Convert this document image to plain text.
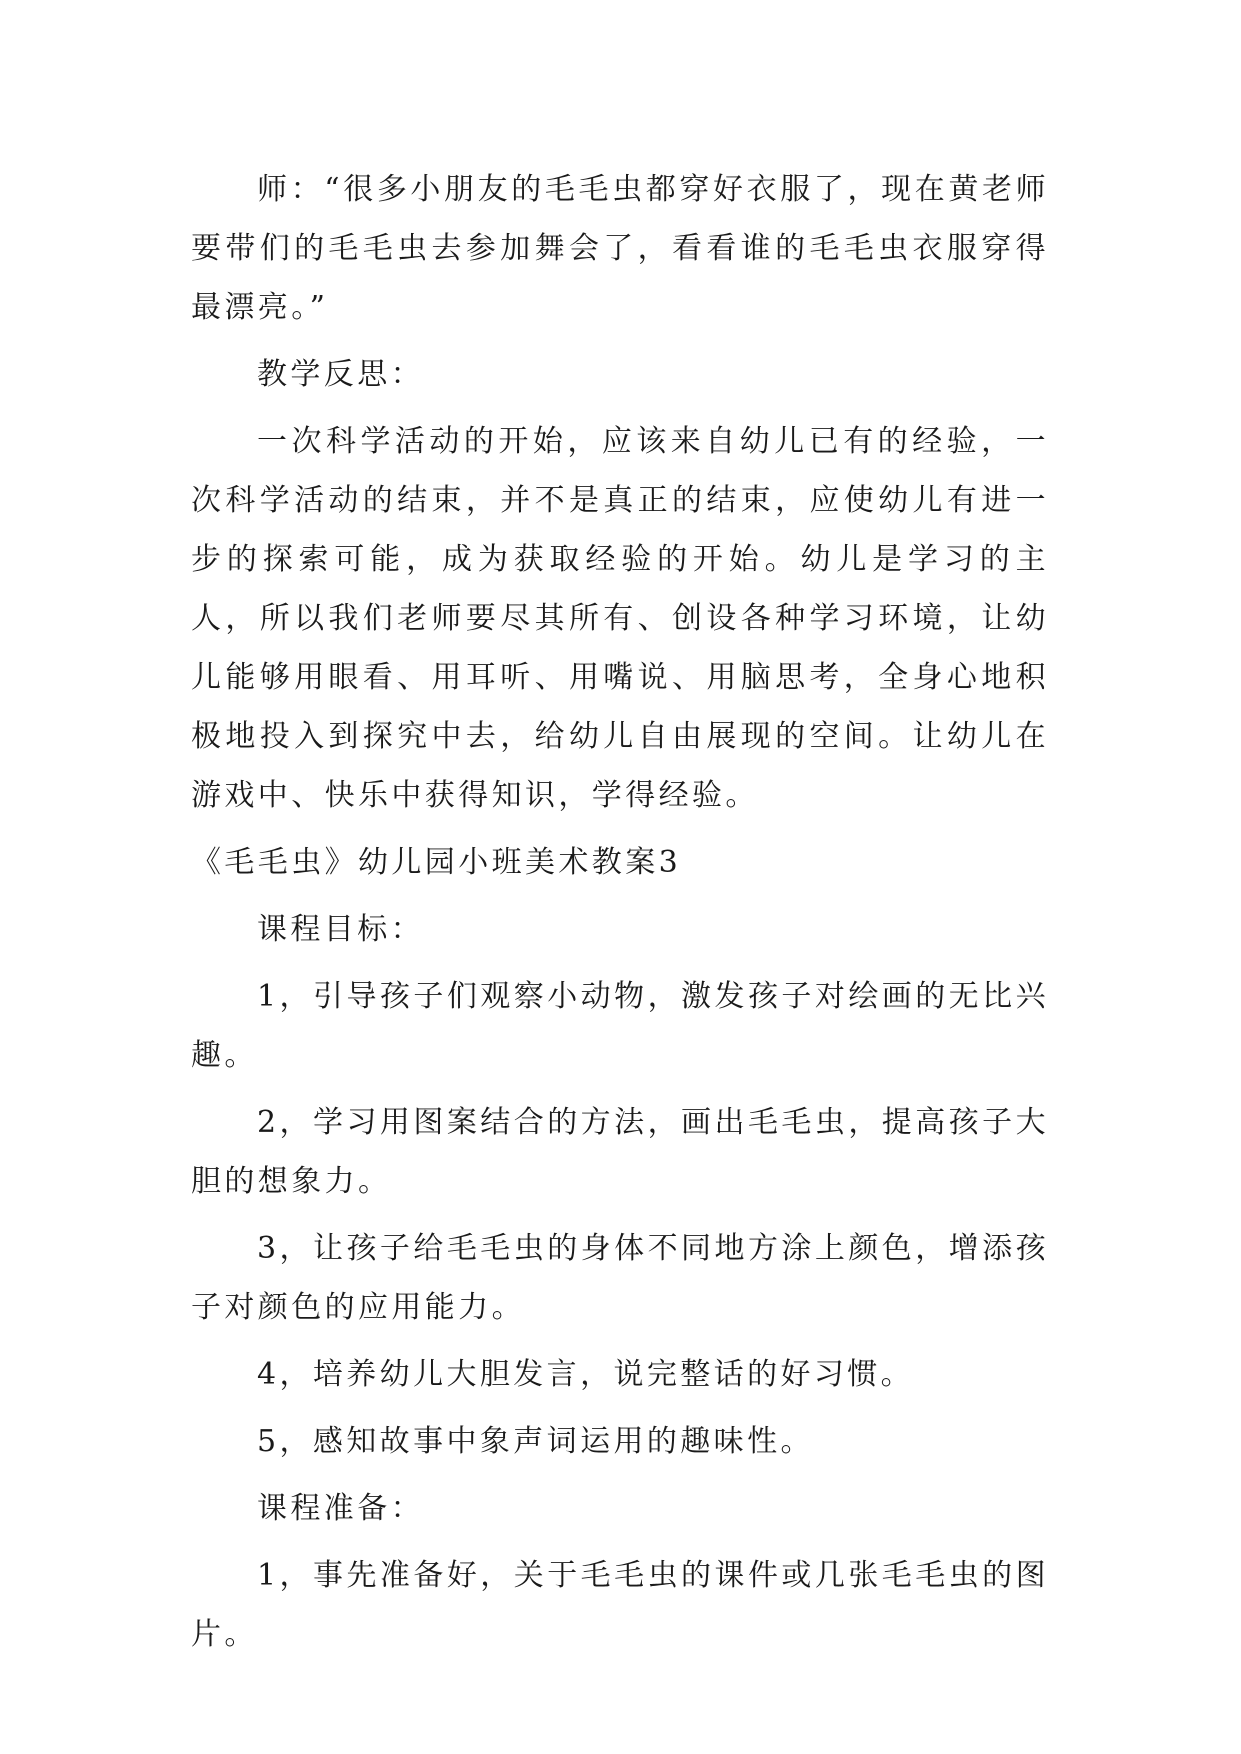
师：“很多小朋友的毛毛虫都穿好衣服了，现在黄老师要带们的毛毛虫去参加舞会了，看看谁的毛毛虫衣服穿得最漂亮。”

教学反思：

一次科学活动的开始，应该来自幼儿已有的经验，一次科学活动的结束，并不是真正的结束，应使幼儿有进一步的探索可能，成为获取经验的开始。幼儿是学习的主人，所以我们老师要尽其所有、创设各种学习环境，让幼儿能够用眼看、用耳听、用嘴说、用脑思考，全身心地积极地投入到探究中去，给幼儿自由展现的空间。让幼儿在游戏中、快乐中获得知识，学得经验。

《毛毛虫》幼儿园小班美术教案3

课程目标：

1，引导孩子们观察小动物，激发孩子对绘画的无比兴趣。

2，学习用图案结合的方法，画出毛毛虫，提高孩子大胆的想象力。

3，让孩子给毛毛虫的身体不同地方涂上颜色，增添孩子对颜色的应用能力。

4，培养幼儿大胆发言，说完整话的好习惯。

5，感知故事中象声词运用的趣味性。

课程准备：

1，事先准备好，关于毛毛虫的课件或几张毛毛虫的图片。
